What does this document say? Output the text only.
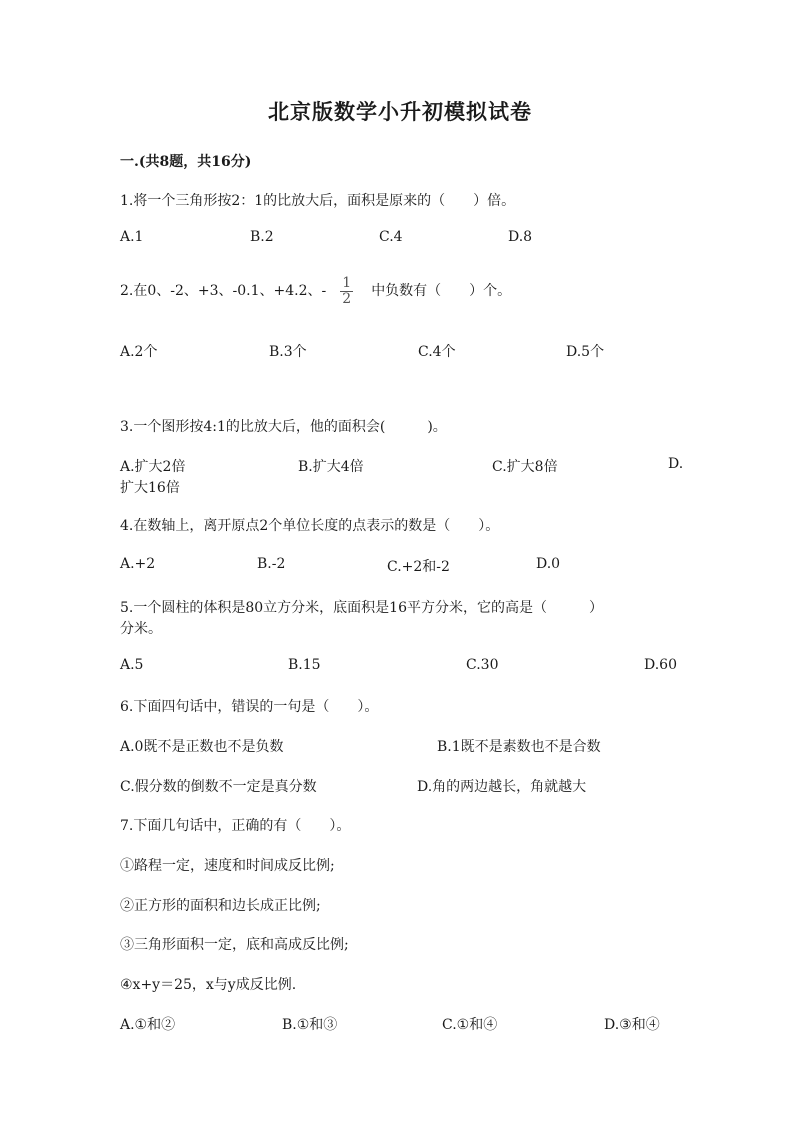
北京版数学小升初模拟试卷
一.(共8题，共16分)
1.将一个三角形按2：1的比放大后，面积是原来的（　　）倍。
A.1	B.2	C.4	D.8
2.在0、-2、+3、-0.1、+4.2、- $\frac{1}{2}$ 中负数有（　　）个。
A.2个	B.3个	C.4个	D.5个
3.一个图形按4:1的比放大后，他的面积会(　　　)。
A.扩大2倍	B.扩大4倍	C.扩大8倍	D.
扩大16倍
4.在数轴上，离开原点2个单位长度的点表示的数是（　　）。
A.+2	B.-2	C.+2和-2	D.0
5.一个圆柱的体积是80立方分米，底面积是16平方分米，它的高是（　　　）
分米。
A.5	B.15	C.30	D.60
6.下面四句话中，错误的一句是（　　）。
A.0既不是正数也不是负数	B.1既不是素数也不是合数
C.假分数的倒数不一定是真分数	D.角的两边越长，角就越大
7.下面几句话中，正确的有（　　）。
①路程一定，速度和时间成反比例;
②正方形的面积和边长成正比例;
③三角形面积一定，底和高成反比例;
④x+y＝25，x与y成反比例.
A.①和②	B.①和③	C.①和④	D.③和④
